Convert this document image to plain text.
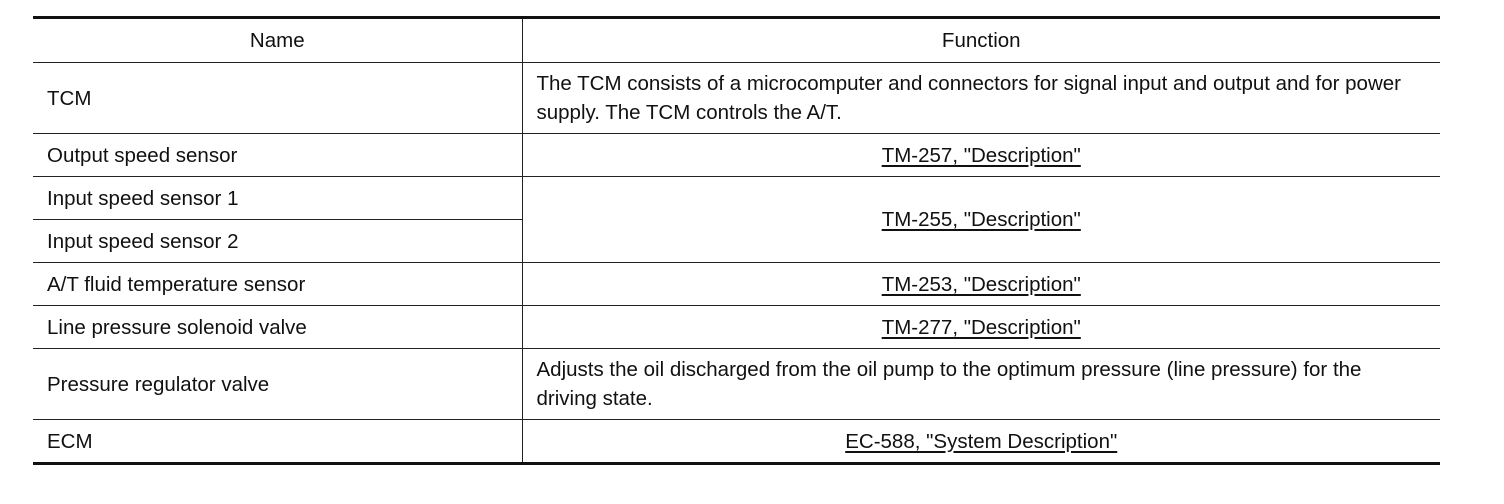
Name	Function
TCM	The TCM consists of a microcomputer and connectors for signal input and output and for power supply. The TCM controls the A/T.
Output speed sensor	TM-257, "Description"
Input speed sensor 1	TM-255, "Description"
Input speed sensor 2	
A/T fluid temperature sensor	TM-253, "Description"
Line pressure solenoid valve	TM-277, "Description"
Pressure regulator valve	Adjusts the oil discharged from the oil pump to the optimum pressure (line pressure) for the driving state.
ECM	EC-588, "System Description"
